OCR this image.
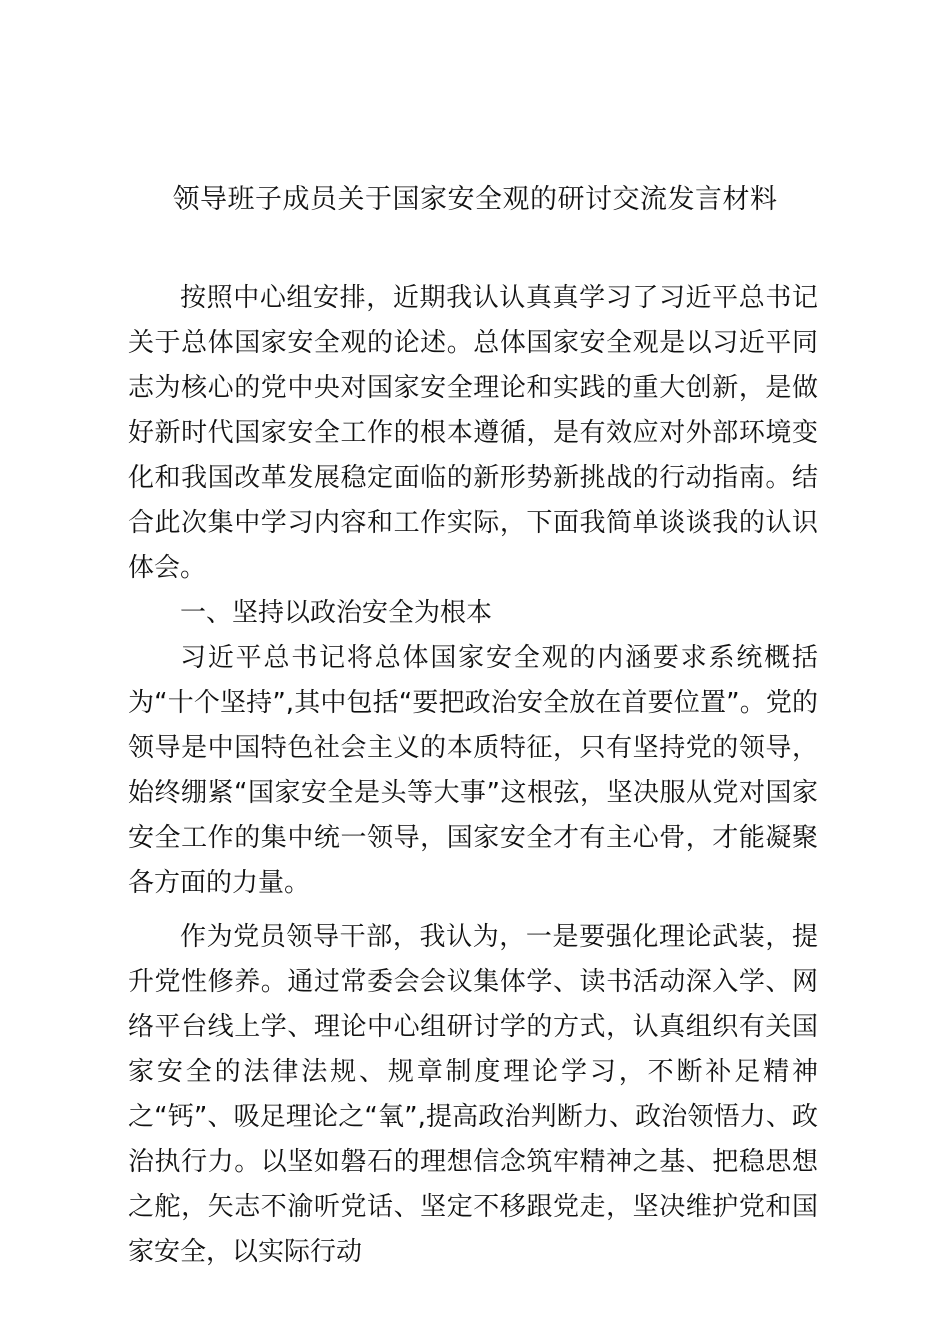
领导班子成员关于国家安全观的研讨交流发言材料

按照中心组安排，近期我认认真真学习了习近平总书记关于总体国家安全观的论述。总体国家安全观是以习近平同志为核心的党中央对国家安全理论和实践的重大创新，是做好新时代国家安全工作的根本遵循，是有效应对外部环境变化和我国改革发展稳定面临的新形势新挑战的行动指南。结合此次集中学习内容和工作实际，下面我简单谈谈我的认识体会。

一、坚持以政治安全为根本

习近平总书记将总体国家安全观的内涵要求系统概括为“十个坚持”,其中包括“要把政治安全放在首要位置”。党的领导是中国特色社会主义的本质特征，只有坚持党的领导，始终绷紧“国家安全是头等大事”这根弦，坚决服从党对国家安全工作的集中统一领导，国家安全才有主心骨，才能凝聚各方面的力量。

作为党员领导干部，我认为，一是要强化理论武装，提升党性修养。通过常委会会议集体学、读书活动深入学、网络平台线上学、理论中心组研讨学的方式，认真组织有关国家安全的法律法规、规章制度理论学习，不断补足精神之“钙”、吸足理论之“氧”,提高政治判断力、政治领悟力、政治执行力。以坚如磐石的理想信念筑牢精神之基、把稳思想之舵，矢志不渝听党话、坚定不移跟党走，坚决维护党和国家安全，以实际行动
